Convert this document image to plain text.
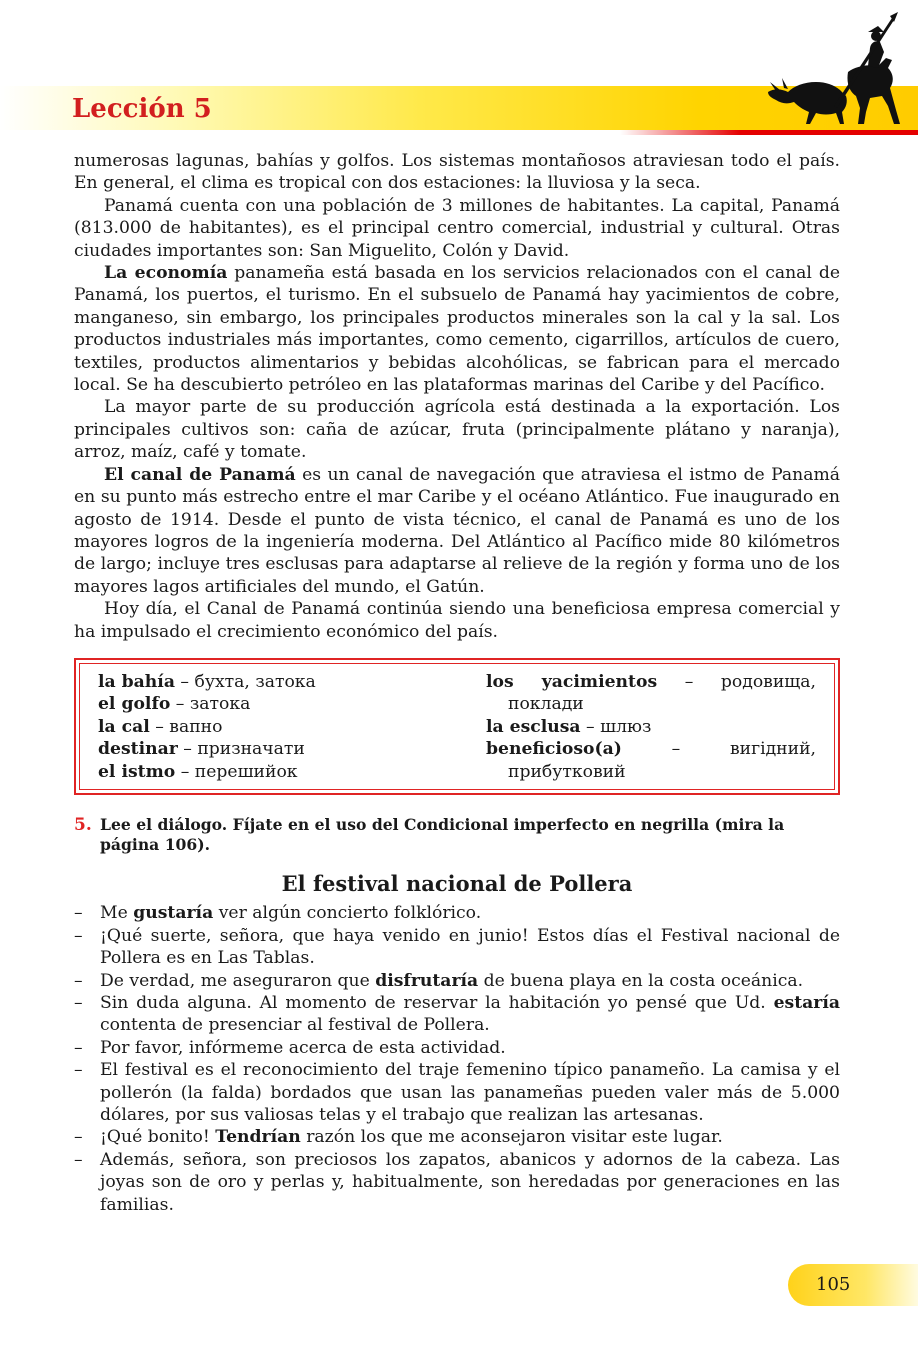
Lección 5

numerosas lagunas, bahías y golfos. Los sistemas montañosos atraviesan todo el país. En general, el clima es tropical con dos estaciones: la lluviosa y la seca.

Panamá cuenta con una población de 3 millones de habitantes. La capital, Panamá (813.000 de habitantes), es el principal centro comercial, industrial y cultural. Otras ciudades importantes son: San Miguelito, Colón y David.

La economía panameña está basada en los servicios relacionados con el canal de Panamá, los puertos, el turismo. En el subsuelo de Panamá hay yacimientos de cobre, manganeso, sin embargo, los principales productos minerales son la cal y la sal. Los productos industriales más importantes, como cemento, cigarrillos, artículos de cuero, textiles, productos alimentarios y bebidas alcohólicas, se fabrican para el mercado local. Se ha descubierto petróleo en las plataformas marinas del Caribe y del Pacífico.

La mayor parte de su producción agrícola está destinada a la exportación. Los principales cultivos son: caña de azúcar, fruta (principalmente plátano y naranja), arroz, maíz, café y tomate.

El canal de Panamá es un canal de navegación que atraviesa el istmo de Panamá en su punto más estrecho entre el mar Caribe y el océano Atlántico. Fue inaugurado en agosto de 1914. Desde el punto de vista técnico, el canal de Panamá es uno de los mayores logros de la ingeniería moderna. Del Atlántico al Pacífico mide 80 kilómetros de largo; incluye tres esclusas para adaptarse al relieve de la región y forma uno de los mayores lagos artificiales del mundo, el Gatún.

Hoy día, el Canal de Panamá continúa siendo una beneficiosa empresa comercial y ha impulsado el crecimiento económico del país.

la bahía – бухта, затока
el golfo – затока
la cal – вапно
destinar – призначати
el istmo – перешийок
los yacimientos – родовища, поклади
la esclusa – шлюз
beneficioso(a) – вигідний, прибутковий
5. Lee el diálogo. Fíjate en el uso del Condicional imperfecto en negrilla (mira la página 106).
El festival nacional de Pollera
– Me gustaría ver algún concierto folklórico.
– ¡Qué suerte, señora, que haya venido en junio! Estos días el Festival nacional de Pollera es en Las Tablas.
– De verdad, me aseguraron que disfrutaría de buena playa en la costa oceánica.
– Sin duda alguna. Al momento de reservar la habitación yo pensé que Ud. estaría contenta de presenciar al festival de Pollera.
– Por favor, infórmeme acerca de esta actividad.
– El festival es el reconocimiento del traje femenino típico panameño. La camisa y el pollerón (la falda) bordados que usan las panameñas pueden valer más de 5.000 dólares, por sus valiosas telas y el trabajo que realizan las artesanas.
– ¡Qué bonito! Tendrían razón los que me aconsejaron visitar este lugar.
– Además, señora, son preciosos los zapatos, abanicos y adornos de la cabeza. Las joyas son de oro y perlas y, habitualmente, son heredadas por generaciones en las familias.
105
